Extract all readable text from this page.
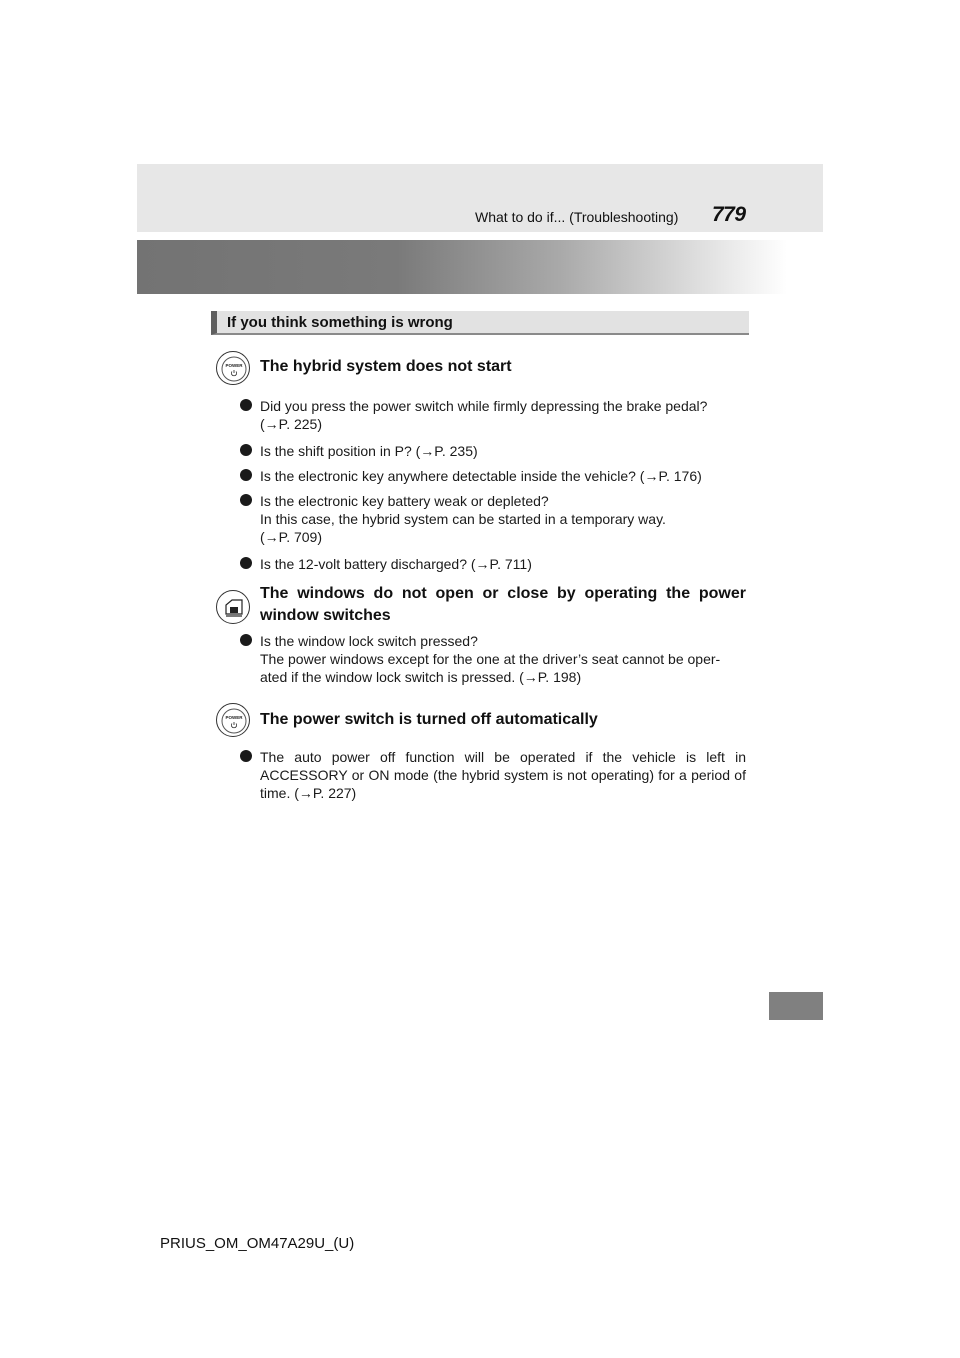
What to do if... (Troubleshooting) 779
If you think something is wrong
POWER The hybrid system does not start
Did you press the power switch while firmly depressing the brake pedal?
(→P. 225)
Is the shift position in P? (→P. 235)
Is the electronic key anywhere detectable inside the vehicle? (→P. 176)
Is the electronic key battery weak or depleted?
In this case, the hybrid system can be started in a temporary way.
(→P. 709)
Is the 12-volt battery discharged? (→P. 711)
The windows do not open or close by operating the power window switches
Is the window lock switch pressed?
The power windows except for the one at the driver’s seat cannot be oper-
ated if the window lock switch is pressed. (→P. 198)
POWER The power switch is turned off automatically
The auto power off function will be operated if the vehicle is left in ACCESSORY or ON mode (the hybrid system is not operating) for a period of time. (→P. 227)
PRIUS_OM_OM47A29U_(U)
